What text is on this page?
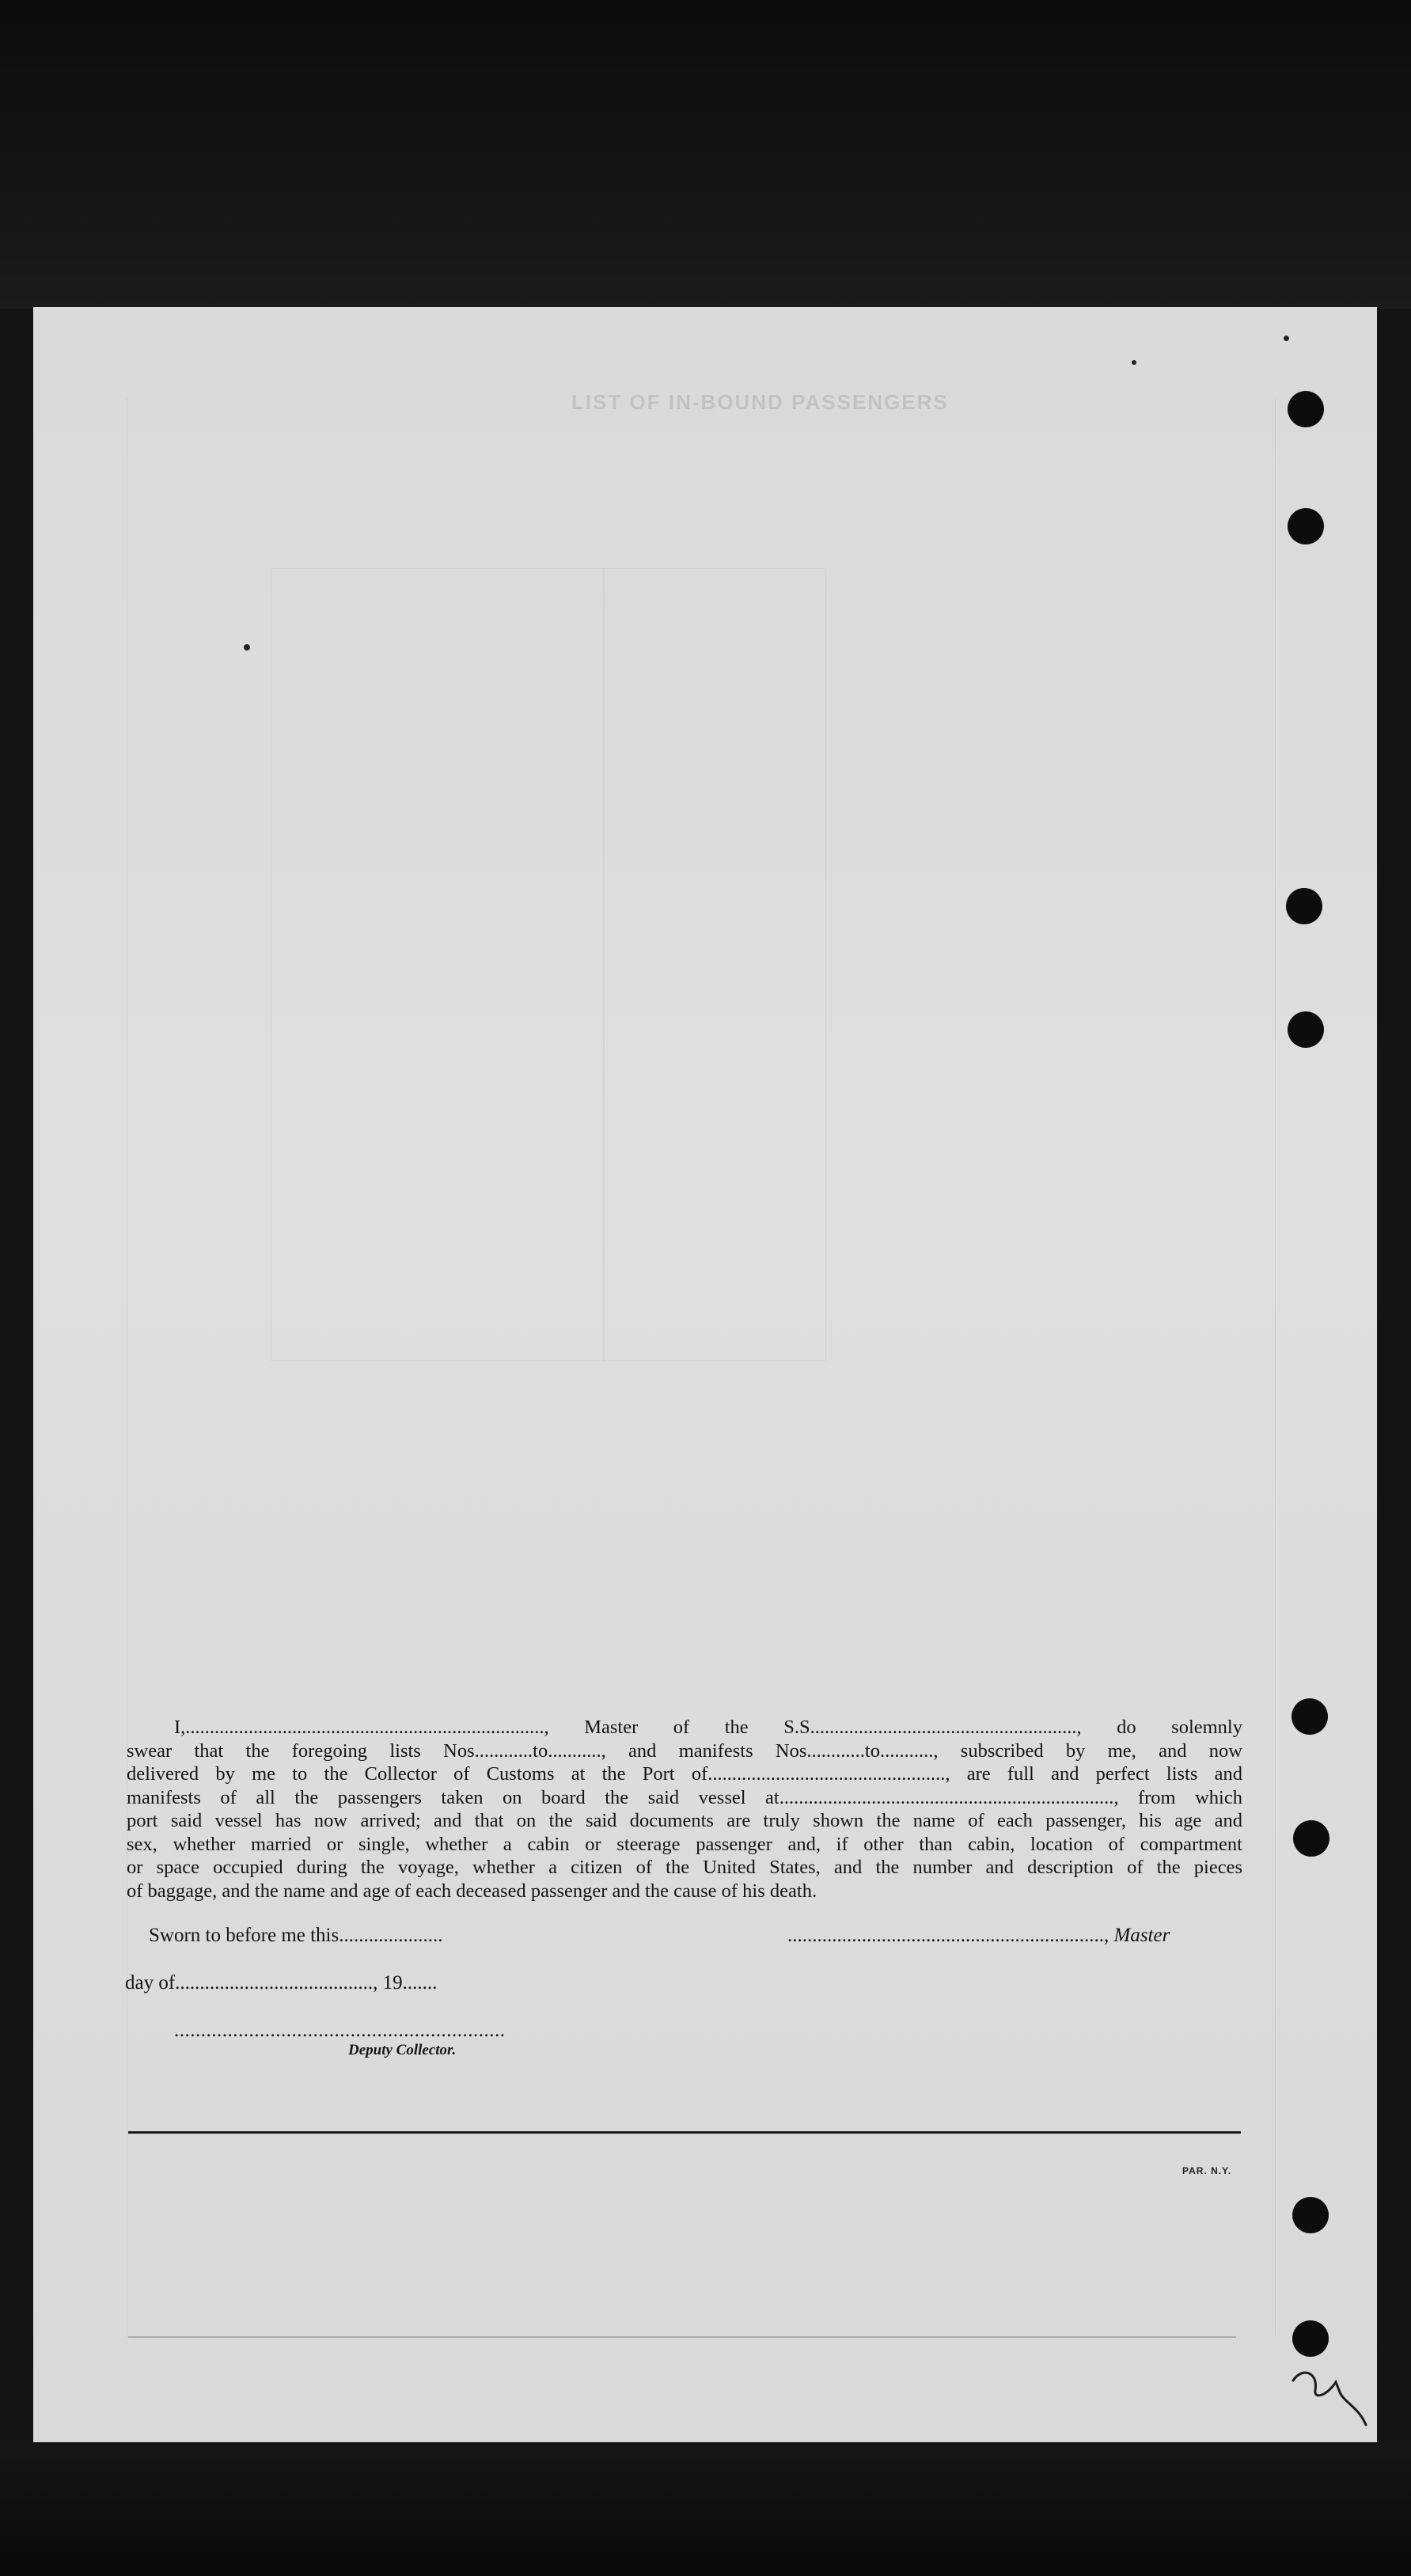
LIST OF IN-BOUND PASSENGERS
I,.........................................................................., Master of the S.S......................................................., do solemnly
swear that the foregoing lists Nos............to..........., and manifests Nos............to..........., subscribed by me, and now
delivered by me to the Collector of Customs at the Port of................................................., are full and perfect lists and
manifests of all the passengers taken on board the said vessel at....................................................................., from which
port said vessel has now arrived; and that on the said documents are truly shown the name of each passenger, his age and
sex, whether married or single, whether a cabin or steerage passenger and, if other than cabin, location of compartment
or space occupied during the voyage, whether a citizen of the United States, and the number and description of the pieces
of baggage, and the name and age of each deceased passenger and the cause of his death.
Sworn to before me this.....................
day of........................................, 19.......
................................................................, Master
..............................................................
Deputy Collector.
PAR. N.Y.
